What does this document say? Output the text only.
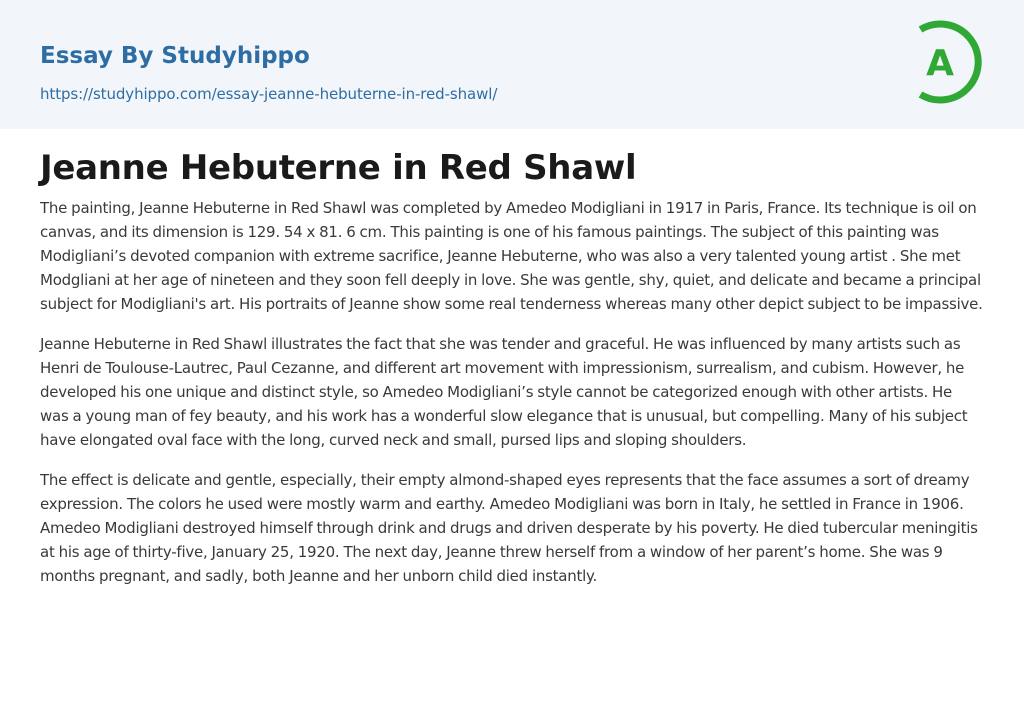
Essay By Studyhippo
https://studyhippo.com/essay-jeanne-hebuterne-in-red-shawl/
A
Jeanne Hebuterne in Red Shawl

The painting, Jeanne Hebuterne in Red Shawl was completed by Amedeo Modigliani in 1917 in Paris, France. Its technique is oil on canvas, and its dimension is 129. 54 x 81. 6 cm. This painting is one of his famous paintings. The subject of this painting was Modigliani’s devoted companion with extreme sacrifice, Jeanne Hebuterne, who was also a very talented young artist . She met Modgliani at her age of nineteen and they soon fell deeply in love. She was gentle, shy, quiet, and delicate and became a principal subject for Modigliani's art. His portraits of Jeanne show some real tenderness whereas many other depict subject to be impassive.

Jeanne Hebuterne in Red Shawl illustrates the fact that she was tender and graceful. He was influenced by many artists such as Henri de Toulouse-Lautrec, Paul Cezanne, and different art movement with impressionism, surrealism, and cubism. However, he developed his one unique and distinct style, so Amedeo Modigliani’s style cannot be categorized enough with other artists. He was a young man of fey beauty, and his work has a wonderful slow elegance that is unusual, but compelling. Many of his subject have elongated oval face with the long, curved neck and small, pursed lips and sloping shoulders.

The effect is delicate and gentle, especially, their empty almond-shaped eyes represents that the face assumes a sort of dreamy expression. The colors he used were mostly warm and earthy. Amedeo Modigliani was born in Italy, he settled in France in 1906. Amedeo Modigliani destroyed himself through drink and drugs and driven desperate by his poverty. He died tubercular meningitis at his age of thirty-five, January 25, 1920. The next day, Jeanne threw herself from a window of her parent’s home. She was 9 months pregnant, and sadly, both Jeanne and her unborn child died instantly.
